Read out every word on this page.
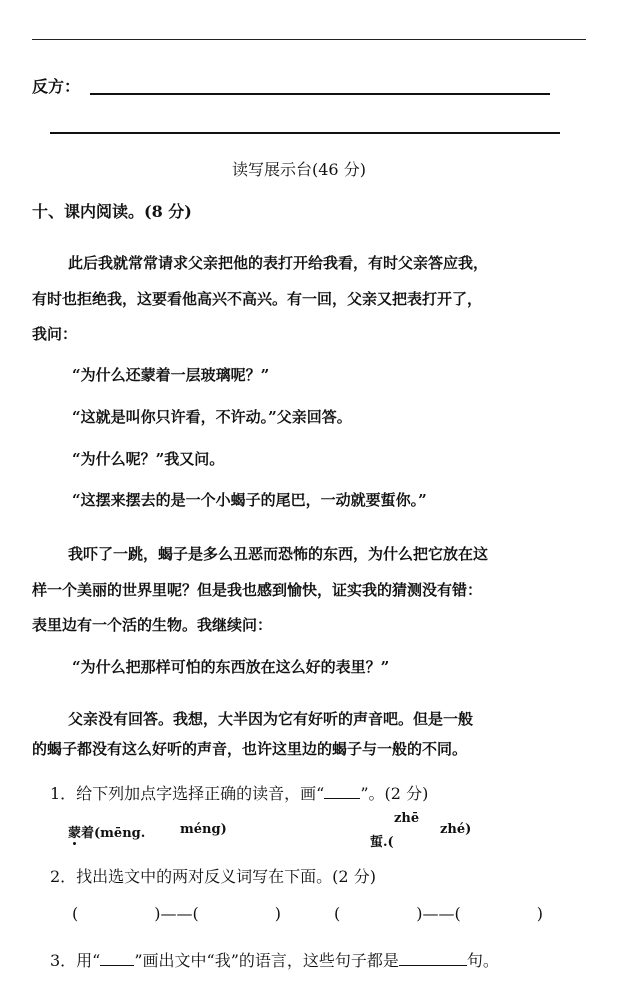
反方：
读写展示台(46 分)
十、课内阅读。(8 分)
此后我就常常请求父亲把他的表打开给我看，有时父亲答应我，
有时也拒绝我，这要看他高兴不高兴。有一回，父亲又把表打开了，
我问：
“为什么还蒙着一层玻璃呢？”
“这就是叫你只许看，不许动。”父亲回答。
“为什么呢？”我又问。
“这摆来摆去的是一个小蝎子的尾巴，一动就要蜇你。”
我吓了一跳，蝎子是多么丑恶而恐怖的东西，为什么把它放在这
样一个美丽的世界里呢？但是我也感到愉快，证实我的猜测没有错：
表里边有一个活的生物。我继续问：
“为什么把那样可怕的东西放在这么好的表里？”
父亲没有回答。我想，大半因为它有好听的声音吧。但是一般
的蝎子都没有这么好听的声音，也许这里边的蝎子与一般的不同。
1．给下列加点字选择正确的读音，画“ ”。(2 分)
蒙着(mēng.	méng)
zhē
蜇.(
zhé)
2．找出选文中的两对反义词写在下面。(2 分)
(	)——(	)	(	)——(	)
3．用“ ”画出文中“我”的语言，这些句子都是	句。
